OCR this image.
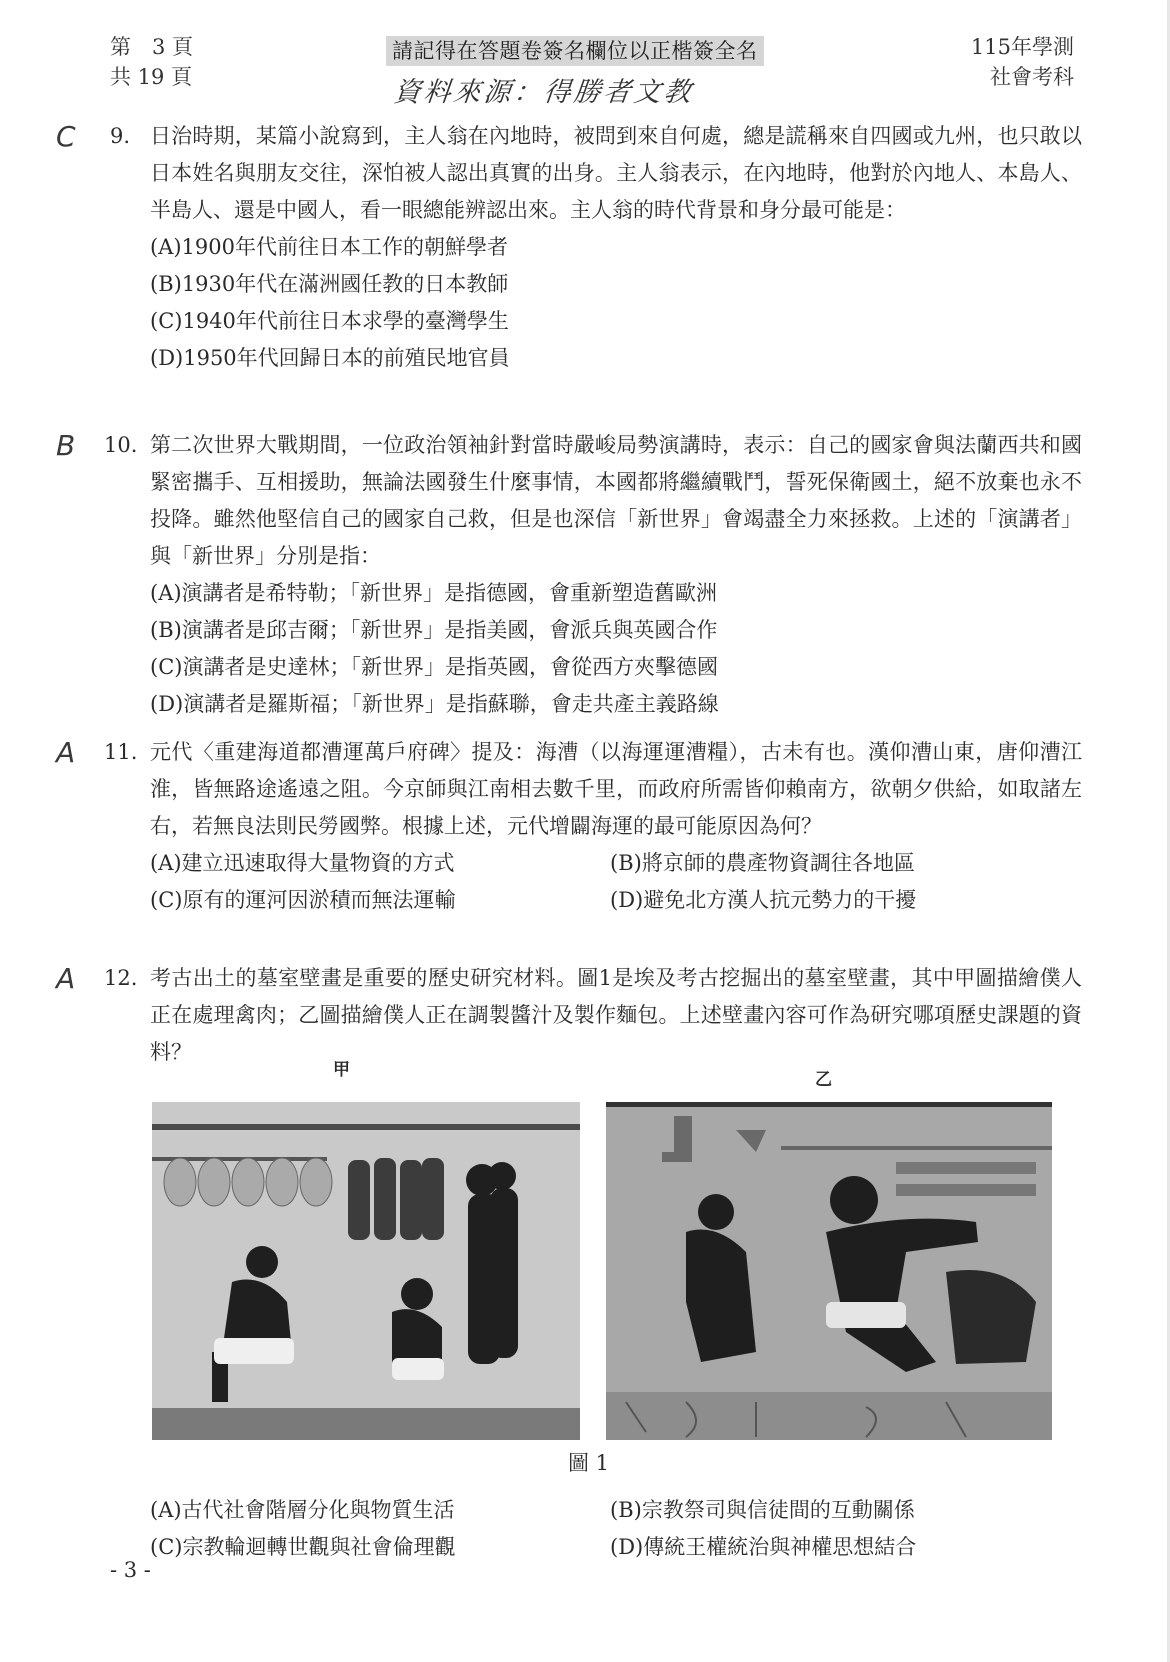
第　3 頁
共 19 頁
請記得在答題卷簽名欄位以正楷簽全名
資料來源：得勝者文教
115年學測
社會考科
C 9. 日治時期，某篇小說寫到，主人翁在內地時，被問到來自何處，總是謊稱來自四國或九州，也只敢以日本姓名與朋友交往，深怕被人認出真實的出身。主人翁表示，在內地時，他對於內地人、本島人、半島人、還是中國人，看一眼總能辨認出來。主人翁的時代背景和身分最可能是：
(A)1900年代前往日本工作的朝鮮學者
(B)1930年代在滿洲國任教的日本教師
(C)1940年代前往日本求學的臺灣學生
(D)1950年代回歸日本的前殖民地官員
B 10. 第二次世界大戰期間，一位政治領袖針對當時嚴峻局勢演講時，表示：自己的國家會與法蘭西共和國緊密攜手、互相援助，無論法國發生什麼事情，本國都將繼續戰鬥，誓死保衛國土，絕不放棄也永不投降。雖然他堅信自己的國家自己救，但是也深信「新世界」會竭盡全力來拯救。上述的「演講者」與「新世界」分別是指：
(A)演講者是希特勒；「新世界」是指德國，會重新塑造舊歐洲
(B)演講者是邱吉爾；「新世界」是指美國，會派兵與英國合作
(C)演講者是史達林；「新世界」是指英國，會從西方夾擊德國
(D)演講者是羅斯福；「新世界」是指蘇聯，會走共產主義路線
A 11. 元代〈重建海道都漕運萬戶府碑〉提及：海漕（以海運運漕糧），古未有也。漢仰漕山東，唐仰漕江淮，皆無路途遙遠之阻。今京師與江南相去數千里，而政府所需皆仰賴南方，欲朝夕供給，如取諸左右，若無良法則民勞國弊。根據上述，元代增闢海運的最可能原因為何？
(A)建立迅速取得大量物資的方式	(B)將京師的農產物資調往各地區
(C)原有的運河因淤積而無法運輸	(D)避免北方漢人抗元勢力的干擾
A 12. 考古出土的墓室壁畫是重要的歷史研究材料。圖1是埃及考古挖掘出的墓室壁畫，其中甲圖描繪僕人正在處理禽肉；乙圖描繪僕人正在調製醬汁及製作麵包。上述壁畫內容可作為研究哪項歷史課題的資料？
甲	乙
圖 1
(A)古代社會階層分化與物質生活	(B)宗教祭司與信徒間的互動關係
(C)宗教輪迴轉世觀與社會倫理觀	(D)傳統王權統治與神權思想結合
- 3 -
